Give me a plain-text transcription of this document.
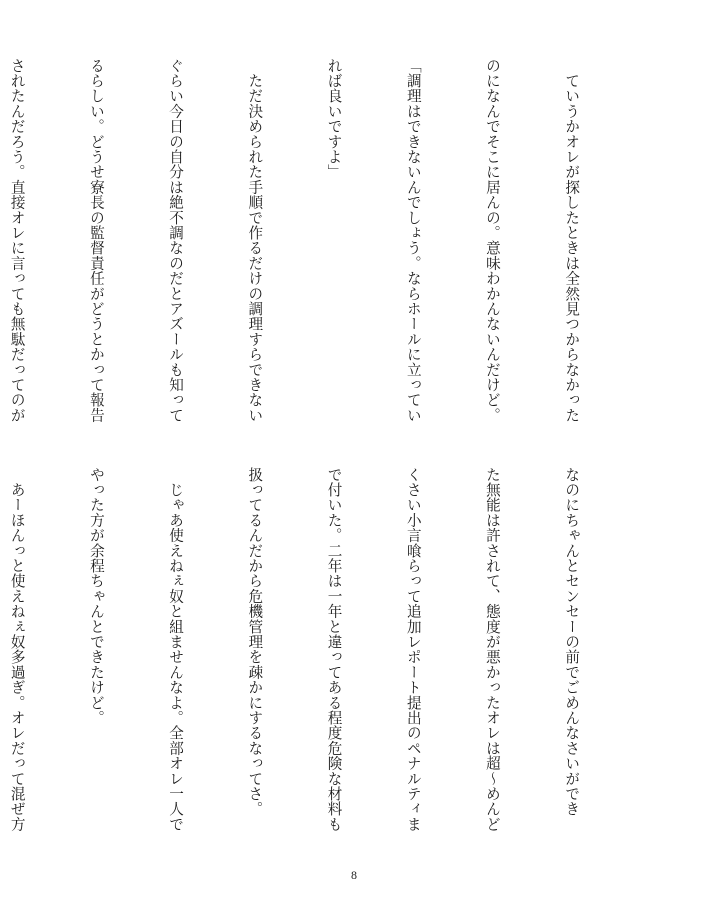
　ていうかオレが探したときは全然見つからなかった

のになんでそこに居んの。意味わかんないんだけど。

「調理はできないんでしょう。ならホールに立ってい

れば良いですよ」

　ただ決められた手順で作るだけの調理すらできない

ぐらい今日の自分は絶不調なのだとアズールも知って

るらしい。どうせ寮長の監督責任がどうとかって報告

されたんだろう。直接オレに言っても無駄だってのが

なのにちゃんとセンセーの前でごめんなさいができ

た無能は許されて、態度が悪かったオレは超～めんど

くさい小言喰らって追加レポート提出のペナルティま

で付いた。二年は一年と違ってある程度危険な材料も

扱ってるんだから危機管理を疎かにするなってさ。

　じゃあ使えねぇ奴と組ませんなよ。全部オレ一人で

やった方が余程ちゃんとできたけど。

　あーほんっと使えねぇ奴多過ぎ。オレだって混ぜ方

8
